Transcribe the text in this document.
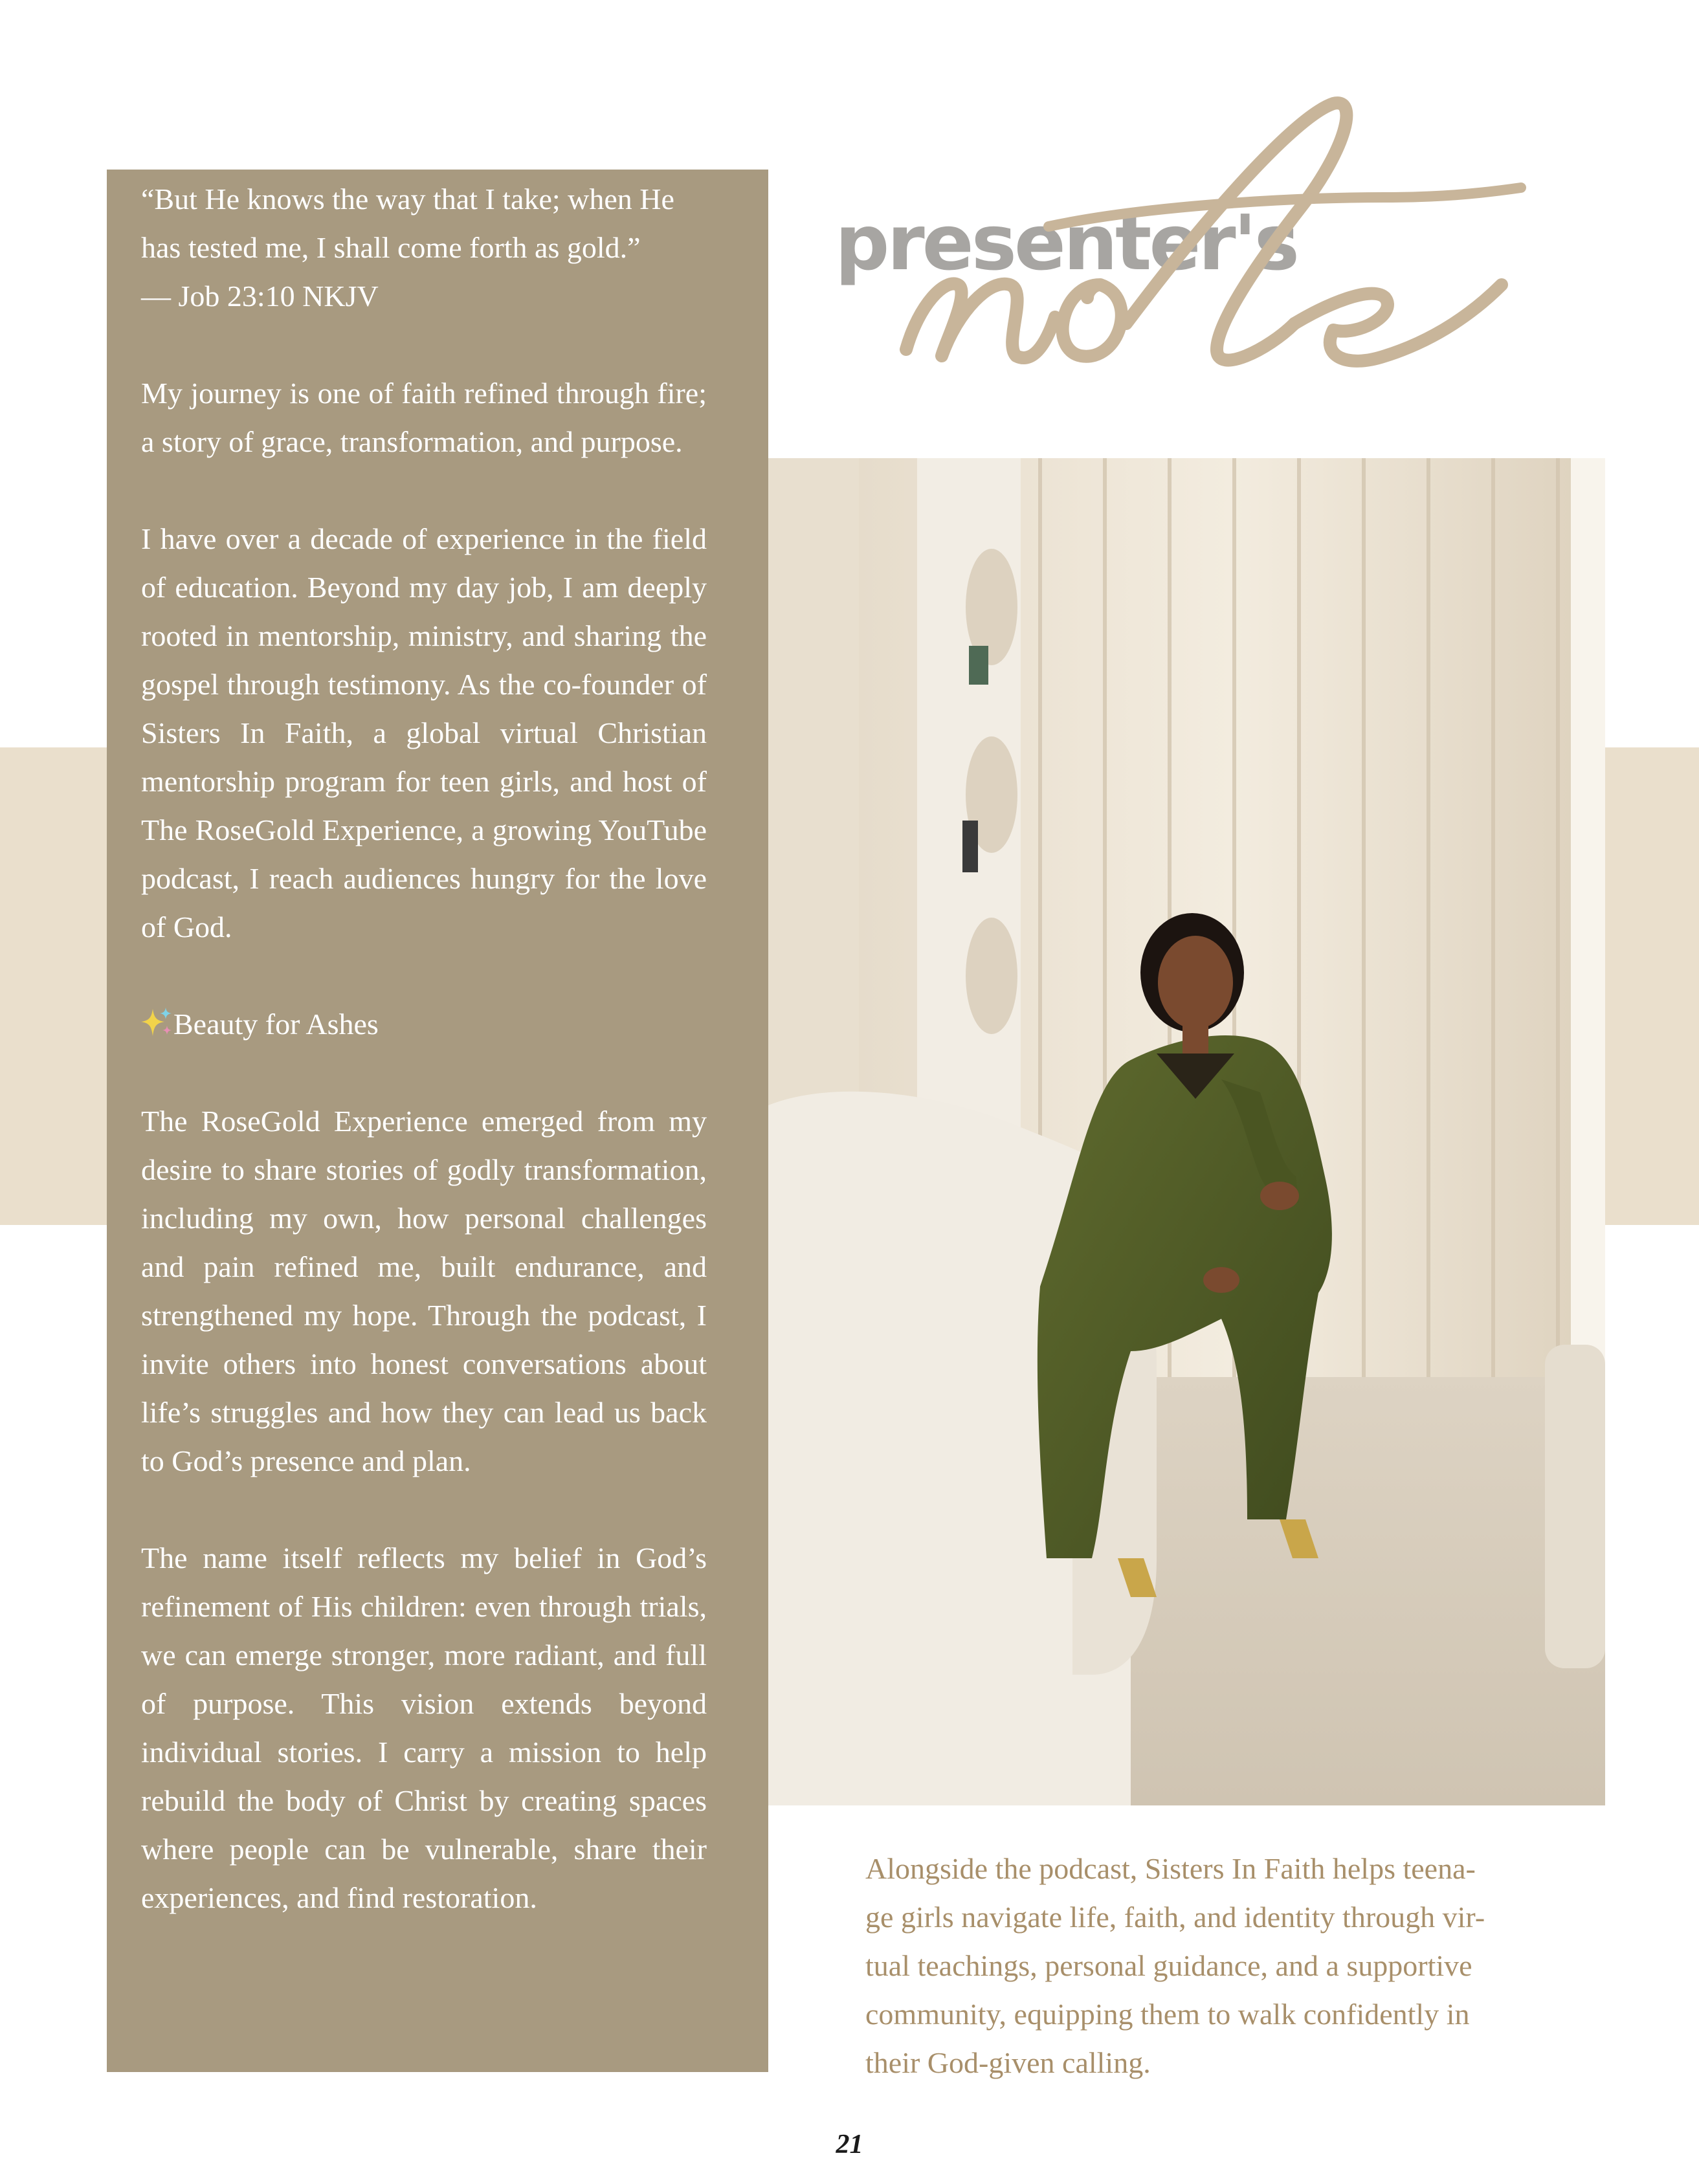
“But He knows the way that I take; when He
has tested me, I shall come forth as gold.”
— Job 23:10 NKJV

My journey is one of faith refined through fire; a story of grace, transformation, and purpose.

I have over a decade of experience in the field of education. Beyond my day job, I am deeply rooted in mentorship, ministry, and sharing the gospel through testimony. As the co-founder of Sisters In Faith, a global virtual Christian mentorship program for teen girls, and host of The RoseGold Experience, a growing YouTube podcast, I reach audiences hungry for the love of God.

Beauty for Ashes

The RoseGold Experience emerged from my desire to share stories of godly transformation, including my own, how personal challenges and pain refined me, built endurance, and strengthened my hope. Through the podcast, I invite others into honest conversations about life’s struggles and how they can lead us back to God’s presence and plan.

The name itself reflects my belief in God’s refinement of His children: even through trials, we can emerge stronger, more radiant, and full of purpose. This vision extends beyond individual stories. I carry a mission to help rebuild the body of Christ by creating spaces where people can be vulnerable, share their experiences, and find restoration.

presenter's
Alongside the podcast, Sisters In Faith helps teena-
ge girls navigate life, faith, and identity through vir-
tual teachings, personal guidance, and a supportive
community, equipping them to walk confidently in
their God-given calling.
21
